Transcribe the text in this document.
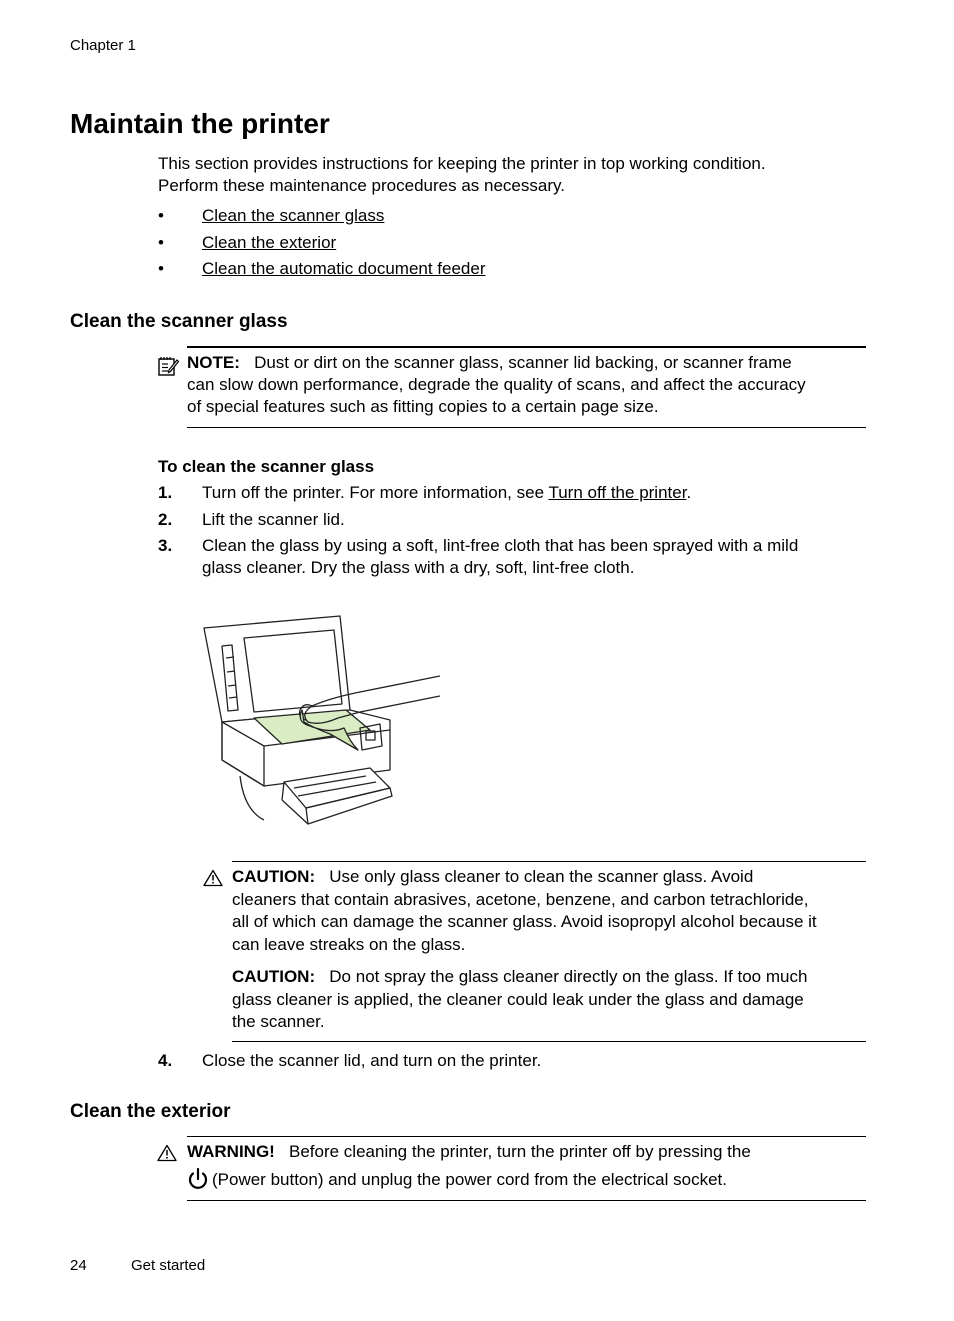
Chapter 1
Maintain the printer
This section provides instructions for keeping the printer in top working condition.
Perform these maintenance procedures as necessary.
• Clean the scanner glass
• Clean the exterior
• Clean the automatic document feeder
Clean the scanner glass
NOTE: Dust or dirt on the scanner glass, scanner lid backing, or scanner frame
can slow down performance, degrade the quality of scans, and affect the accuracy
of special features such as fitting copies to a certain page size.
To clean the scanner glass
1. Turn off the printer. For more information, see Turn off the printer.
2. Lift the scanner lid.
3. Clean the glass by using a soft, lint-free cloth that has been sprayed with a mild
glass cleaner. Dry the glass with a dry, soft, lint-free cloth.
CAUTION: Use only glass cleaner to clean the scanner glass. Avoid
cleaners that contain abrasives, acetone, benzene, and carbon tetrachloride,
all of which can damage the scanner glass. Avoid isopropyl alcohol because it
can leave streaks on the glass.
CAUTION: Do not spray the glass cleaner directly on the glass. If too much
glass cleaner is applied, the cleaner could leak under the glass and damage
the scanner.
4. Close the scanner lid, and turn on the printer.
Clean the exterior
WARNING! Before cleaning the printer, turn the printer off by pressing the
(Power button) and unplug the power cord from the electrical socket.
24	Get started
